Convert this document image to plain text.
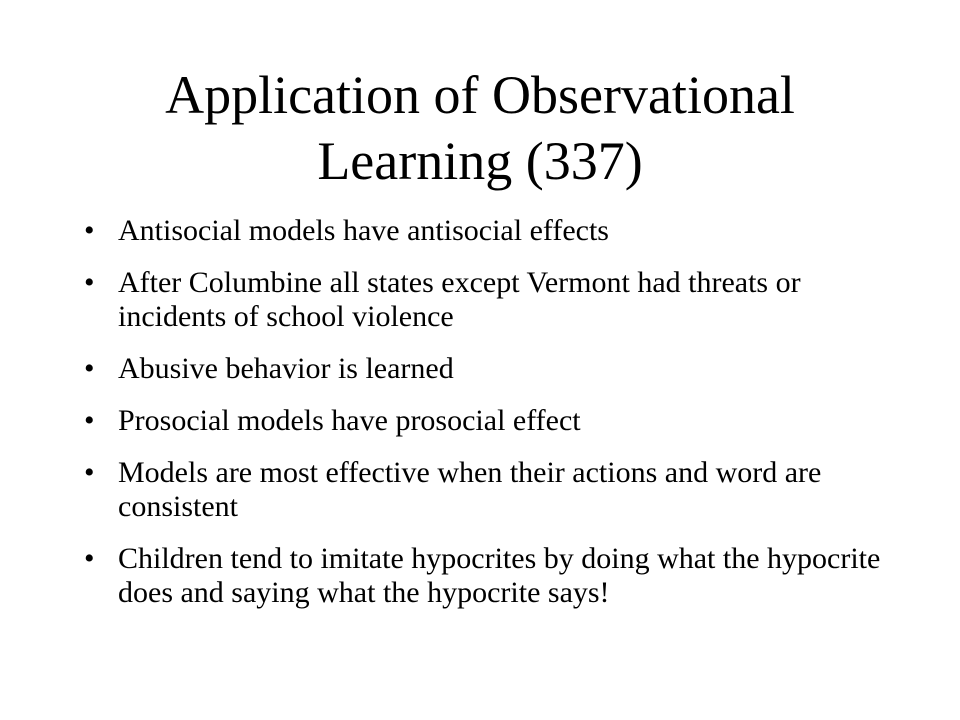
Application of Observational
Learning (337)
• Antisocial models have antisocial effects
• After Columbine all states except Vermont had threats or incidents of school violence
• Abusive behavior is learned
• Prosocial models have prosocial effect
• Models are most effective when their actions and word are consistent
• Children tend to imitate hypocrites by doing what the hypocrite does and saying what the hypocrite says!
